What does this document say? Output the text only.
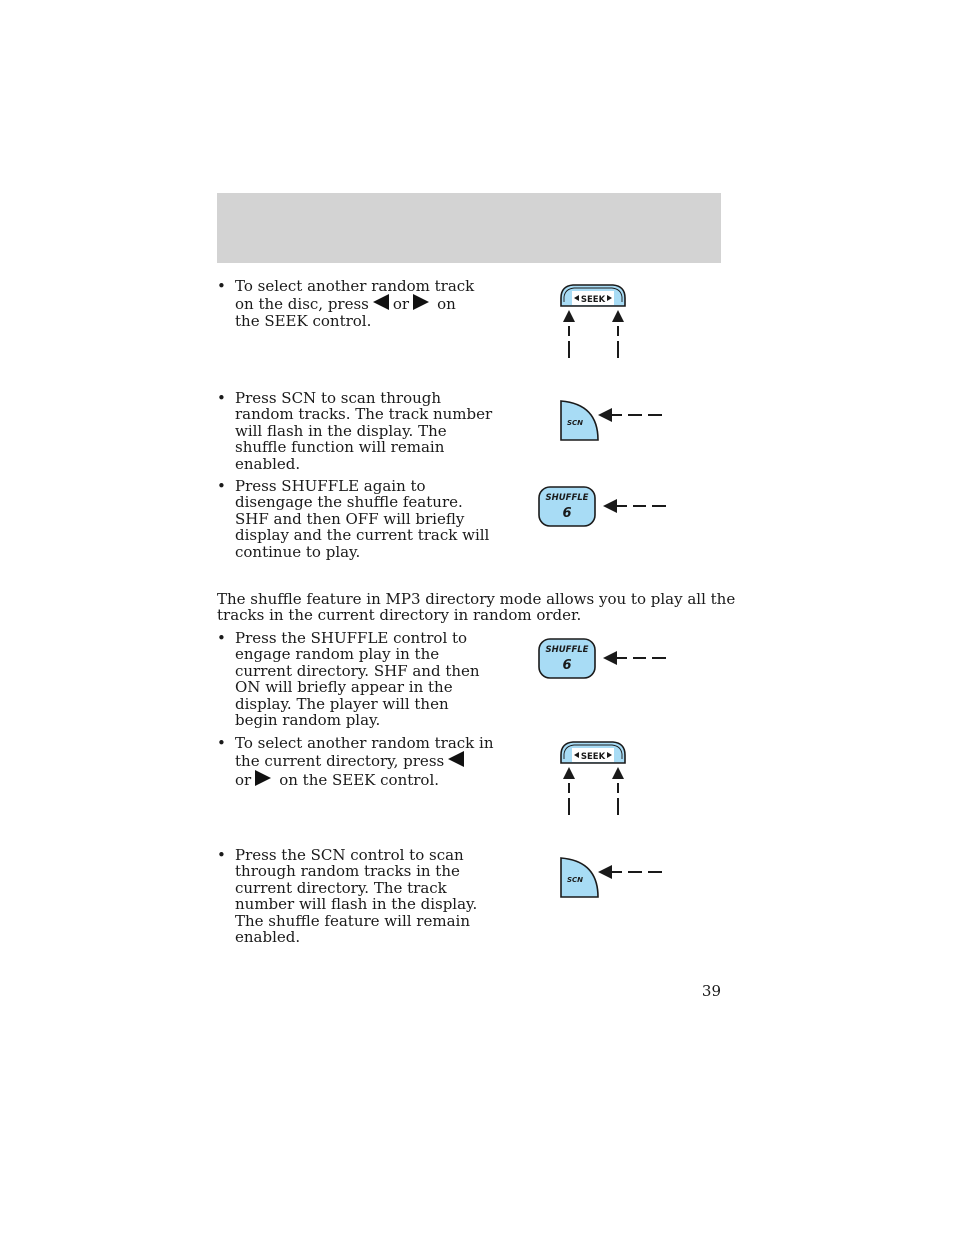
• To select another random track
on the disc, press or on
the SEEK control.
• Press SCN to scan through
random tracks. The track number
will flash in the display. The
shuffle function will remain
enabled.
• Press SHUFFLE again to
disengage the shuffle feature.
SHF and then OFF will briefly
display and the current track will
continue to play.
The shuffle feature in MP3 directory mode allows you to play all the
tracks in the current directory in random order.
• Press the SHUFFLE control to
engage random play in the
current directory. SHF and then
ON will briefly appear in the
display. The player will then
begin random play.
• To select another random track in
the current directory, press
or on the SEEK control.
• Press the SCN control to scan
through random tracks in the
current directory. The track
number will flash in the display.
The shuffle feature will remain
enabled.
SEEK
SCN
SHUFFLE
6
SHUFFLE
6
SEEK
SCN
39
